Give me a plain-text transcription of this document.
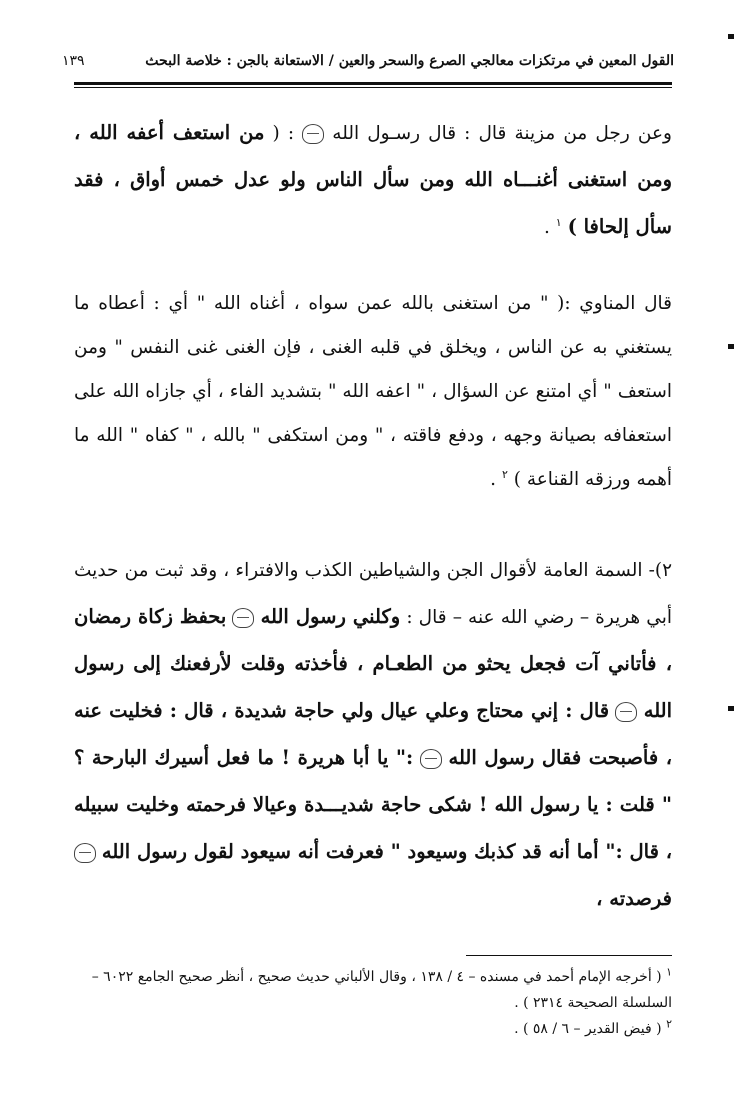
القول المعين في مرتكزات معالجي الصرع والسحر والعين / الاستعانة بالجن : خلاصة البحث
١٣٩
وعن رجل من مزينة قال : قال رسـول الله  : ( من استعف أعفه الله ، ومن استغنى أغنـــاه الله ومن سأل الناس ولو عدل خمس أواق ، فقد سأل إلحافا ) $^١$ .
قال المناوي :( " من استغنى بالله عمن سواه ، أغناه الله " أي : أعطاه ما يستغني به عن الناس ، ويخلق في قلبه الغنى ، فإن الغنى غنى النفس " ومن استعف " أي امتنع عن السؤال ، " اعفه الله " بتشديد الفاء ، أي جازاه الله على استعفافه بصيانة وجهه ، ودفع فاقته ، " ومن استكفى " بالله ، " كفاه " الله ما أهمه ورزقه القناعة ) $^٢$ .
٢)- السمة العامة لأقوال الجن والشياطين الكذب والافتراء ، وقد ثبت من حديث أبي هريرة – رضي الله عنه – قال : وكلني رسول الله  بحفظ زكاة رمضان ، فأتاني آت فجعل يحثو من الطعـام ، فأخذته وقلت لأرفعنك إلى رسول الله  قال : إني محتاج وعلي عيال ولي حاجة شديدة ، قال : فخليت عنه ، فأصبحت فقال رسول الله  :" يا أبا هريرة ! ما فعل أسيرك البارحة ؟ " قلت : يا رسول الله ! شكى حاجة شديـــدة وعيالا فرحمته وخليت سبيله ، قال :" أما أنه قد كذبك وسيعود " فعرفت أنه سيعود لقول رسول الله  فرصدته ،
$^١$ ( أخرجه الإمام أحمد في مسنده – ٤ / ١٣٨ ، وقال الألباني حديث صحيح ، أنظر صحيح الجامع ٦٠٢٢ – السلسلة الصحيحة ٢٣١٤ ) .
$^٢$ ( فيض القدير – ٦ / ٥٨ ) .
